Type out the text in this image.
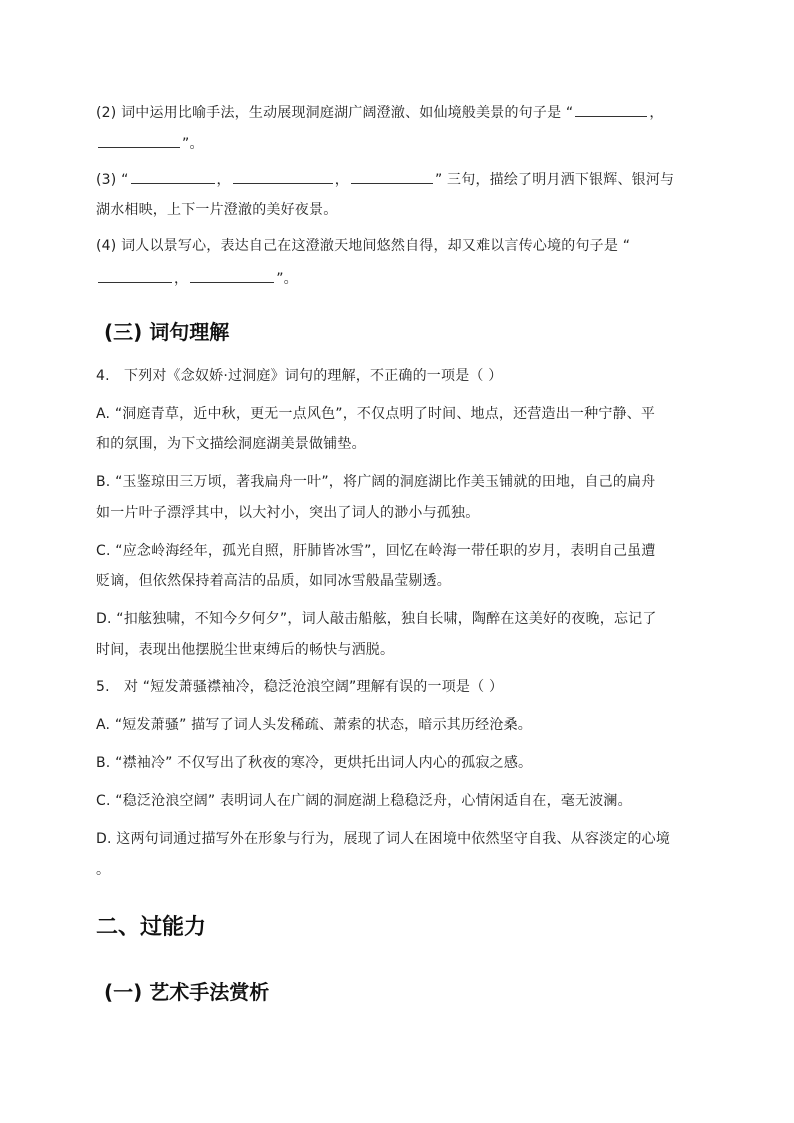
(2) 词中运用比喻手法，生动展现洞庭湖广阔澄澈、如仙境般美景的句子是 “	，
”。
(3) “	，	，	” 三句，描绘了明月洒下银辉、银河与
湖水相映，上下一片澄澈的美好夜景。
(4) 词人以景写心，表达自己在这澄澈天地间悠然自得，却又难以言传心境的句子是 “
，	”。
(三) 词句理解
4.　下列对《念奴娇·过洞庭》词句的理解，不正确的一项是（ ）
A. “洞庭青草，近中秋，更无一点风色”，不仅点明了时间、地点，还营造出一种宁静、平
和的氛围，为下文描绘洞庭湖美景做铺垫。
B. “玉鉴琼田三万顷，著我扁舟一叶”，将广阔的洞庭湖比作美玉铺就的田地，自己的扁舟
如一片叶子漂浮其中，以大衬小，突出了词人的渺小与孤独。
C. “应念岭海经年，孤光自照，肝肺皆冰雪”，回忆在岭海一带任职的岁月，表明自己虽遭
贬谪，但依然保持着高洁的品质，如同冰雪般晶莹剔透。
D. “扣舷独啸，不知今夕何夕”，词人敲击船舷，独自长啸，陶醉在这美好的夜晚，忘记了
时间，表现出他摆脱尘世束缚后的畅快与洒脱。
5.　对 “短发萧骚襟袖冷，稳泛沧浪空阔”理解有误的一项是（ ）
A. “短发萧骚” 描写了词人头发稀疏、萧索的状态，暗示其历经沧桑。
B. “襟袖冷” 不仅写出了秋夜的寒冷，更烘托出词人内心的孤寂之感。
C. “稳泛沧浪空阔” 表明词人在广阔的洞庭湖上稳稳泛舟，心情闲适自在，毫无波澜。
D. 这两句词通过描写外在形象与行为，展现了词人在困境中依然坚守自我、从容淡定的心境
。
二、过能力
(一) 艺术手法赏析
